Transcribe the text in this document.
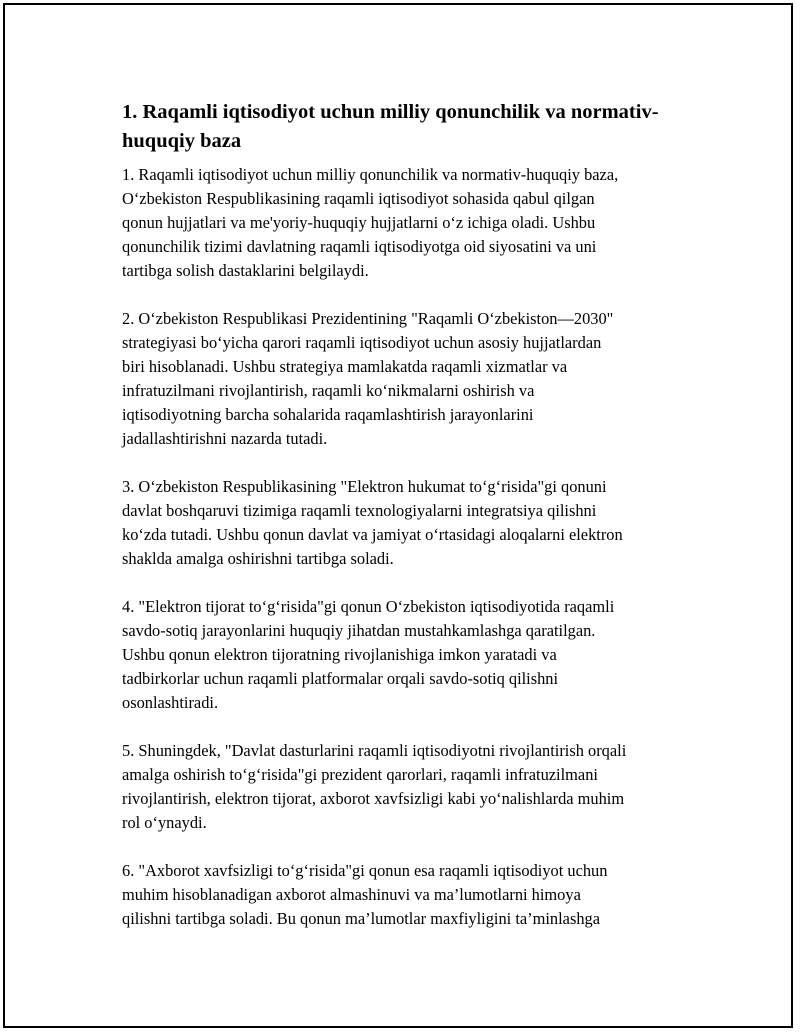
1. Raqamli iqtisodiyot uchun milliy qonunchilik va normativ-
huquqiy baza

1. Raqamli iqtisodiyot uchun milliy qonunchilik va normativ-huquqiy baza,
O‘zbekiston Respublikasining raqamli iqtisodiyot sohasida qabul qilgan
qonun hujjatlari va me'yoriy-huquqiy hujjatlarni o‘z ichiga oladi. Ushbu
qonunchilik tizimi davlatning raqamli iqtisodiyotga oid siyosatini va uni
tartibga solish dastaklarini belgilaydi.

2. O‘zbekiston Respublikasi Prezidentining "Raqamli O‘zbekiston—2030"
strategiyasi bo‘yicha qarori raqamli iqtisodiyot uchun asosiy hujjatlardan
biri hisoblanadi. Ushbu strategiya mamlakatda raqamli xizmatlar va
infratuzilmani rivojlantirish, raqamli ko‘nikmalarni oshirish va
iqtisodiyotning barcha sohalarida raqamlashtirish jarayonlarini
jadallashtirishni nazarda tutadi.

3. O‘zbekiston Respublikasining "Elektron hukumat to‘g‘risida"gi qonuni
davlat boshqaruvi tizimiga raqamli texnologiyalarni integratsiya qilishni
ko‘zda tutadi. Ushbu qonun davlat va jamiyat o‘rtasidagi aloqalarni elektron
shaklda amalga oshirishni tartibga soladi.

4. "Elektron tijorat to‘g‘risida"gi qonun O‘zbekiston iqtisodiyotida raqamli
savdo-sotiq jarayonlarini huquqiy jihatdan mustahkamlashga qaratilgan.
Ushbu qonun elektron tijoratning rivojlanishiga imkon yaratadi va
tadbirkorlar uchun raqamli platformalar orqali savdo-sotiq qilishni
osonlashtiradi.

5. Shuningdek, "Davlat dasturlarini raqamli iqtisodiyotni rivojlantirish orqali
amalga oshirish to‘g‘risida"gi prezident qarorlari, raqamli infratuzilmani
rivojlantirish, elektron tijorat, axborot xavfsizligi kabi yo‘nalishlarda muhim
rol o‘ynaydi.

6. "Axborot xavfsizligi to‘g‘risida"gi qonun esa raqamli iqtisodiyot uchun
muhim hisoblanadigan axborot almashinuvi va ma’lumotlarni himoya
qilishni tartibga soladi. Bu qonun ma’lumotlar maxfiyligini ta’minlashga
